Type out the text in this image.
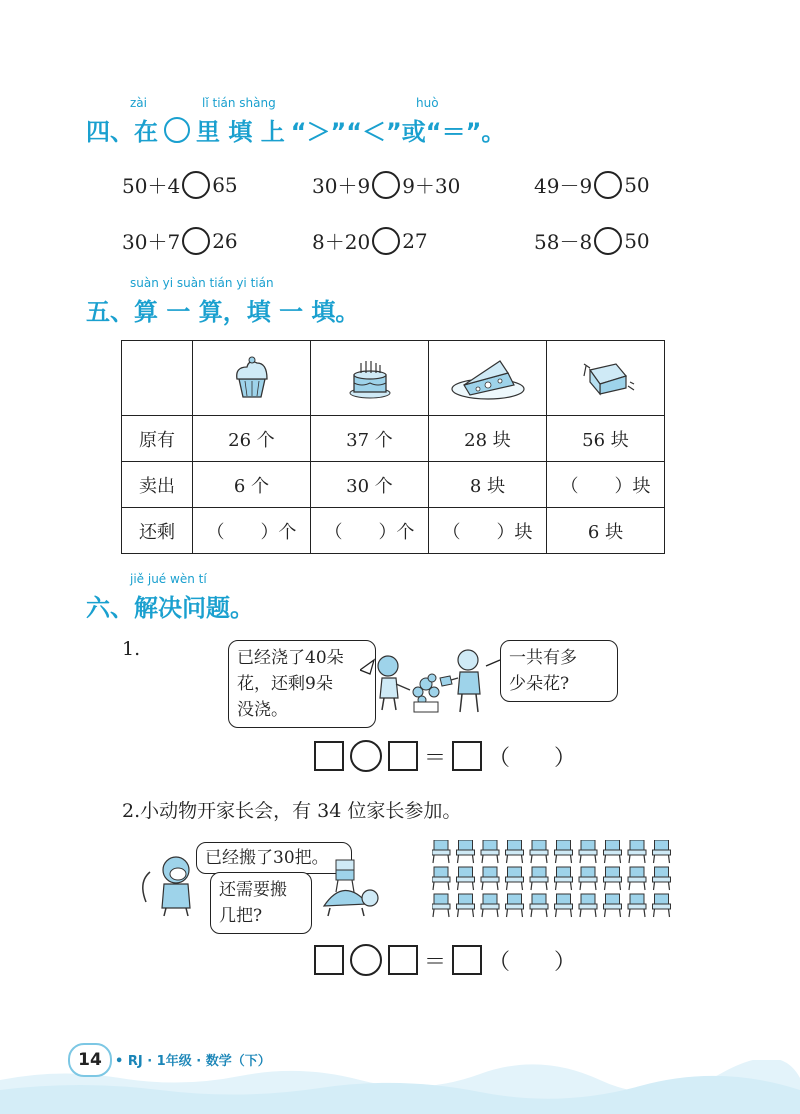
zài	lǐ tián shàng	huò
四、在 里 填 上 “＞”“＜”或“＝”。
50＋4 65	30＋9 9＋30	49－9 50
30＋7 26	8＋20 27	58－8 50
suàn yi suàn tián yi tián
五、算 一 算，填 一 填。

原有	26 个	37 个	28 块	56 块
卖出	6 个	30 个	8 块	（　　）块
还剩	（　　）个	（　　）个	（　　）块	6 块
jiě jué wèn tí
六、解决问题。
1.	已经浇了40朵
花，还剩9朵
没浇。
一共有多
少朵花?
＝ （　　）
2.小动物开家长会，有 34 位家长参加。
已经搬了30把。
还需要搬
几把?
＝ （　　）
14	• RJ · 1年级 · 数学（下）
